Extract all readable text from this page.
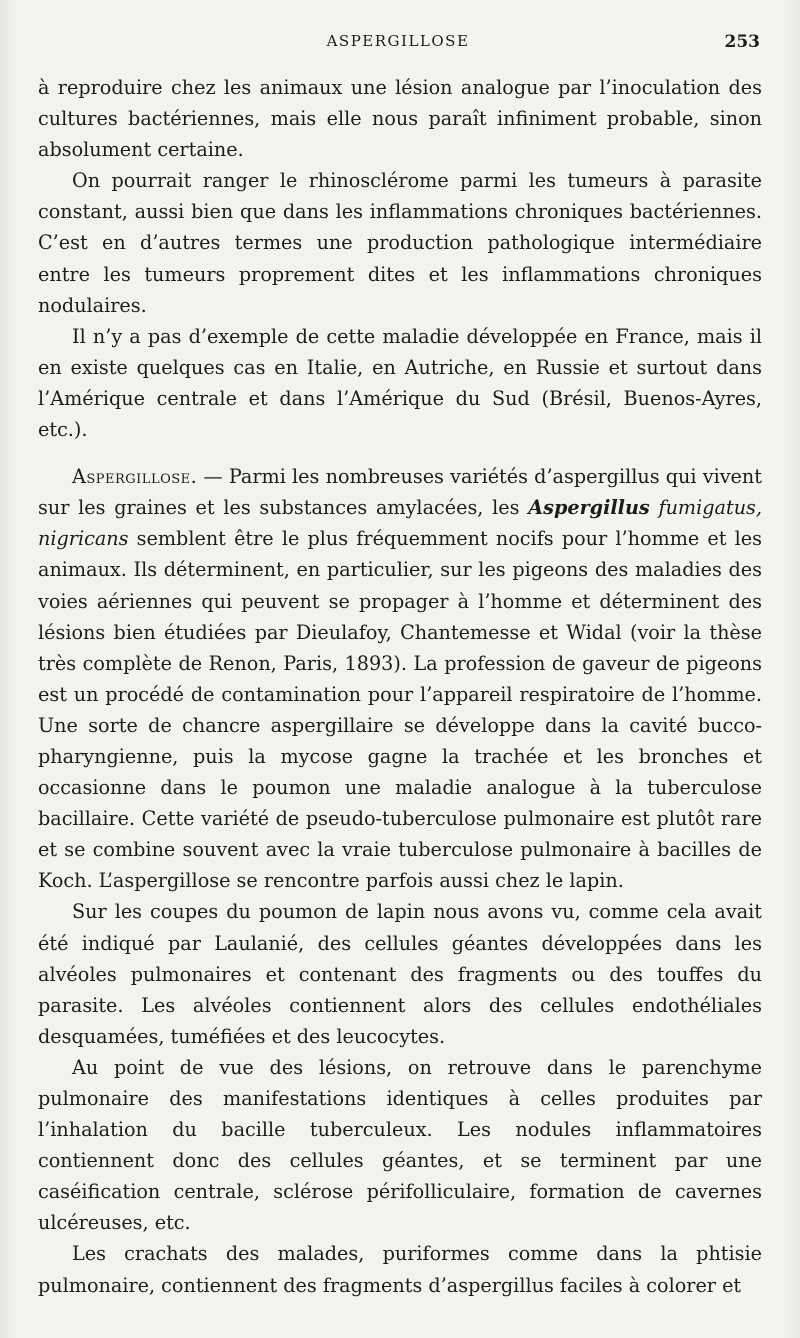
ASPERGILLOSE	253

à reproduire chez les animaux une lésion analogue par l’inoculation des cultures bactériennes, mais elle nous paraît infiniment probable, sinon absolument certaine.

On pourrait ranger le rhinosclérome parmi les tumeurs à parasite constant, aussi bien que dans les inflammations chroniques bactériennes. C’est en d’autres termes une production pathologique intermédiaire entre les tumeurs proprement dites et les inflammations chroniques nodulaires.

Il n’y a pas d’exemple de cette maladie développée en France, mais il en existe quelques cas en Italie, en Autriche, en Russie et surtout dans l’Amérique centrale et dans l’Amérique du Sud (Brésil, Buenos-Ayres, etc.).

Aspergillose. — Parmi les nombreuses variétés d’aspergillus qui vivent sur les graines et les substances amylacées, les Aspergillus fumigatus, nigricans semblent être le plus fréquemment nocifs pour l’homme et les animaux. Ils déterminent, en particulier, sur les pigeons des maladies des voies aériennes qui peuvent se propager à l’homme et déterminent des lésions bien étudiées par Dieulafoy, Chantemesse et Widal (voir la thèse très complète de Renon, Paris, 1893). La profession de gaveur de pigeons est un procédé de contamination pour l’appareil respiratoire de l’homme. Une sorte de chancre aspergillaire se développe dans la cavité bucco-pharyngienne, puis la mycose gagne la trachée et les bronches et occasionne dans le poumon une maladie analogue à la tuberculose bacillaire. Cette variété de pseudo-tuberculose pulmonaire est plutôt rare et se combine souvent avec la vraie tuberculose pulmonaire à bacilles de Koch. L’aspergillose se rencontre parfois aussi chez le lapin.

Sur les coupes du poumon de lapin nous avons vu, comme cela avait été indiqué par Laulanié, des cellules géantes développées dans les alvéoles pulmonaires et contenant des fragments ou des touffes du parasite. Les alvéoles contiennent alors des cellules endothéliales desquamées, tuméfiées et des leucocytes.

Au point de vue des lésions, on retrouve dans le parenchyme pulmonaire des manifestations identiques à celles produites par l’inhalation du bacille tuberculeux. Les nodules inflammatoires contiennent donc des cellules géantes, et se terminent par une caséification centrale, sclérose périfolliculaire, formation de cavernes ulcéreuses, etc.

Les crachats des malades, puriformes comme dans la phtisie pulmonaire, contiennent des fragments d’aspergillus faciles à colorer et
